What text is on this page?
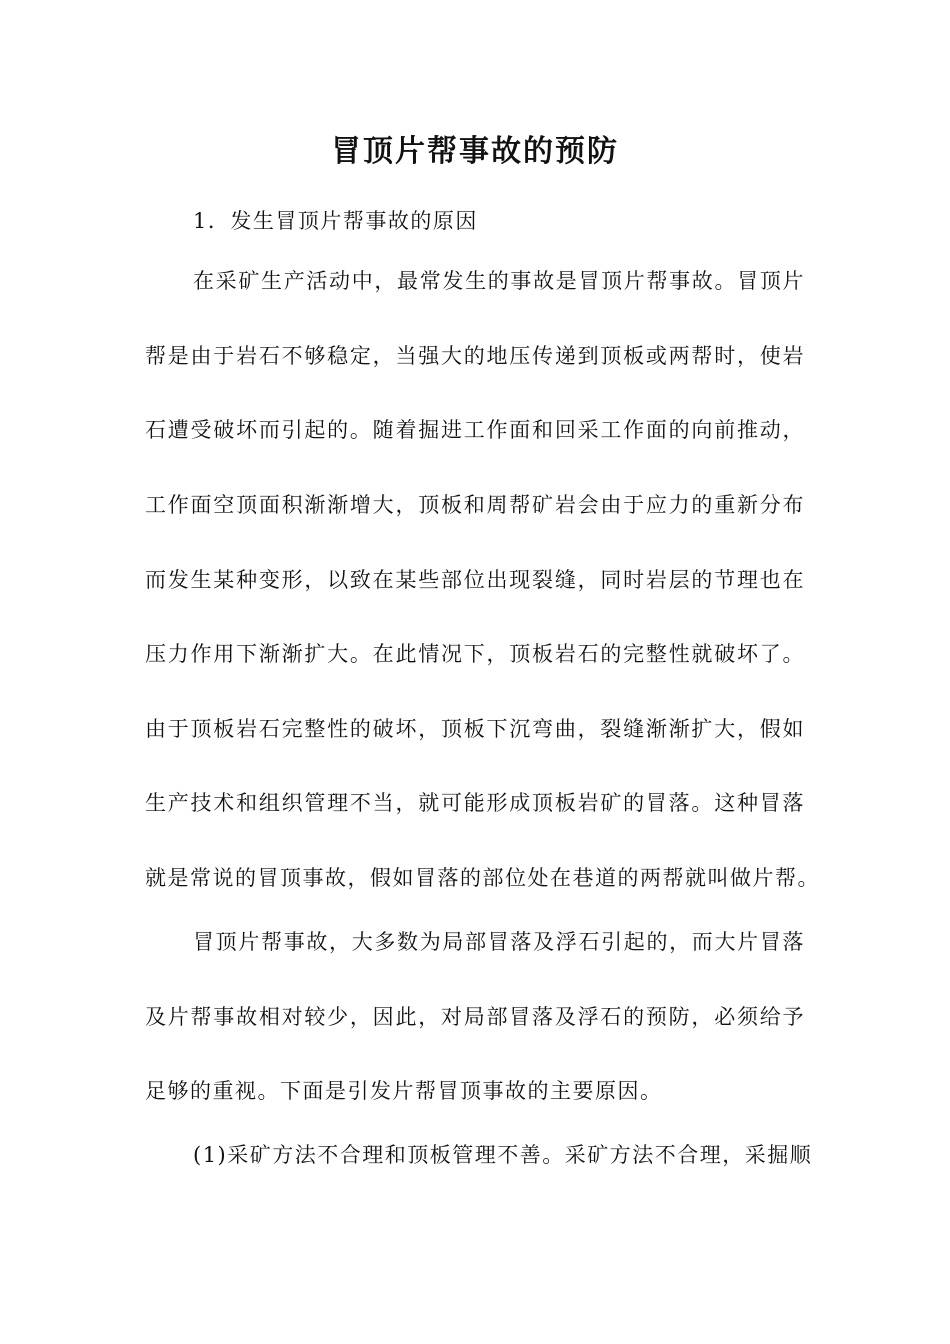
冒顶片帮事故的预防
1．发生冒顶片帮事故的原因
在采矿生产活动中，最常发生的事故是冒顶片帮事故。冒顶片
帮是由于岩石不够稳定，当强大的地压传递到顶板或两帮时，使岩
石遭受破坏而引起的。随着掘进工作面和回采工作面的向前推动，
工作面空顶面积渐渐增大，顶板和周帮矿岩会由于应力的重新分布
而发生某种变形，以致在某些部位出现裂缝，同时岩层的节理也在
压力作用下渐渐扩大。在此情况下，顶板岩石的完整性就破坏了。
由于顶板岩石完整性的破坏，顶板下沉弯曲，裂缝渐渐扩大，假如
生产技术和组织管理不当，就可能形成顶板岩矿的冒落。这种冒落
就是常说的冒顶事故，假如冒落的部位处在巷道的两帮就叫做片帮。
冒顶片帮事故，大多数为局部冒落及浮石引起的，而大片冒落
及片帮事故相对较少，因此，对局部冒落及浮石的预防，必须给予
足够的重视。下面是引发片帮冒顶事故的主要原因。
(1)采矿方法不合理和顶板管理不善。采矿方法不合理，采掘顺
